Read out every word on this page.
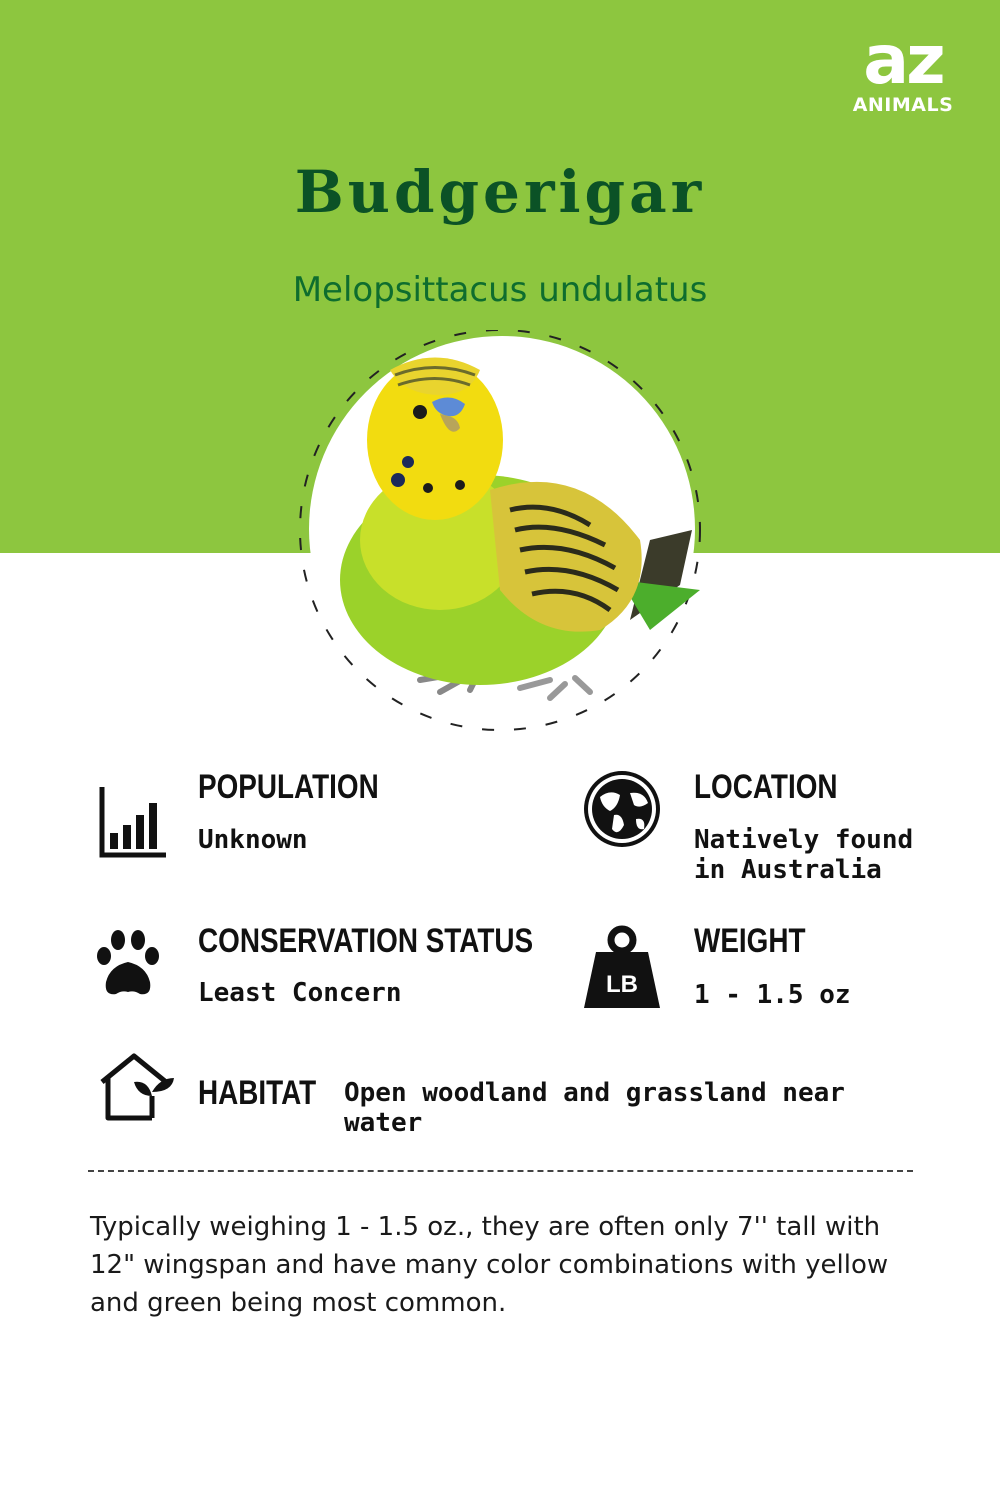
az
ANIMALS
Budgerigar
Melopsittacus undulatus
POPULATION
Unknown
LOCATION
Natively found in Australia
CONSERVATION STATUS
Least Concern	LB
WEIGHT
1 - 1.5 oz
HABITAT Open woodland and grassland near water
Typically weighing 1 - 1.5 oz., they are often only 7'' tall with 12" wingspan and have many color combinations with yellow and green being most common.
